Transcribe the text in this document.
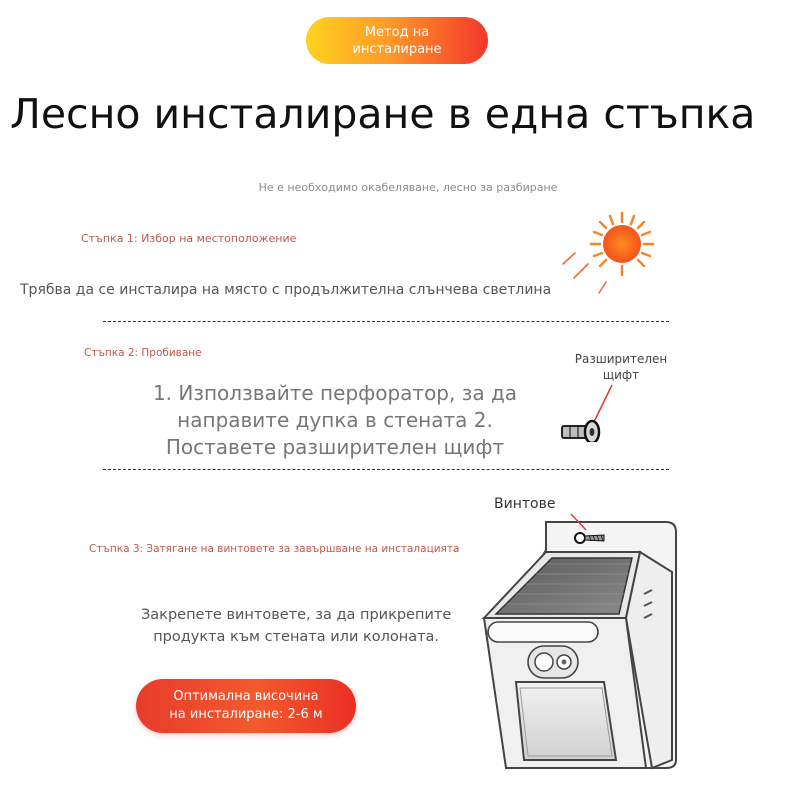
Метод на
инсталиране
Лесно инсталиране в една стъпка
Не е необходимо окабеляване, лесно за разбиране
Стъпка 1: Избор на местоположение
Трябва да се инсталира на място с продължителна слънчева светлина
Стъпка 2: Пробиване
1. Използвайте перфоратор, за да
направите дупка в стената 2.
Поставете разширителен щифт
Разширителен
щифт
Винтове
Стъпка 3: Затягане на винтовете за завършване на инсталацията
Закрепете винтовете, за да прикрепите
продукта към стената или колоната.
Оптимална височина
на инсталиране: 2-6 м
